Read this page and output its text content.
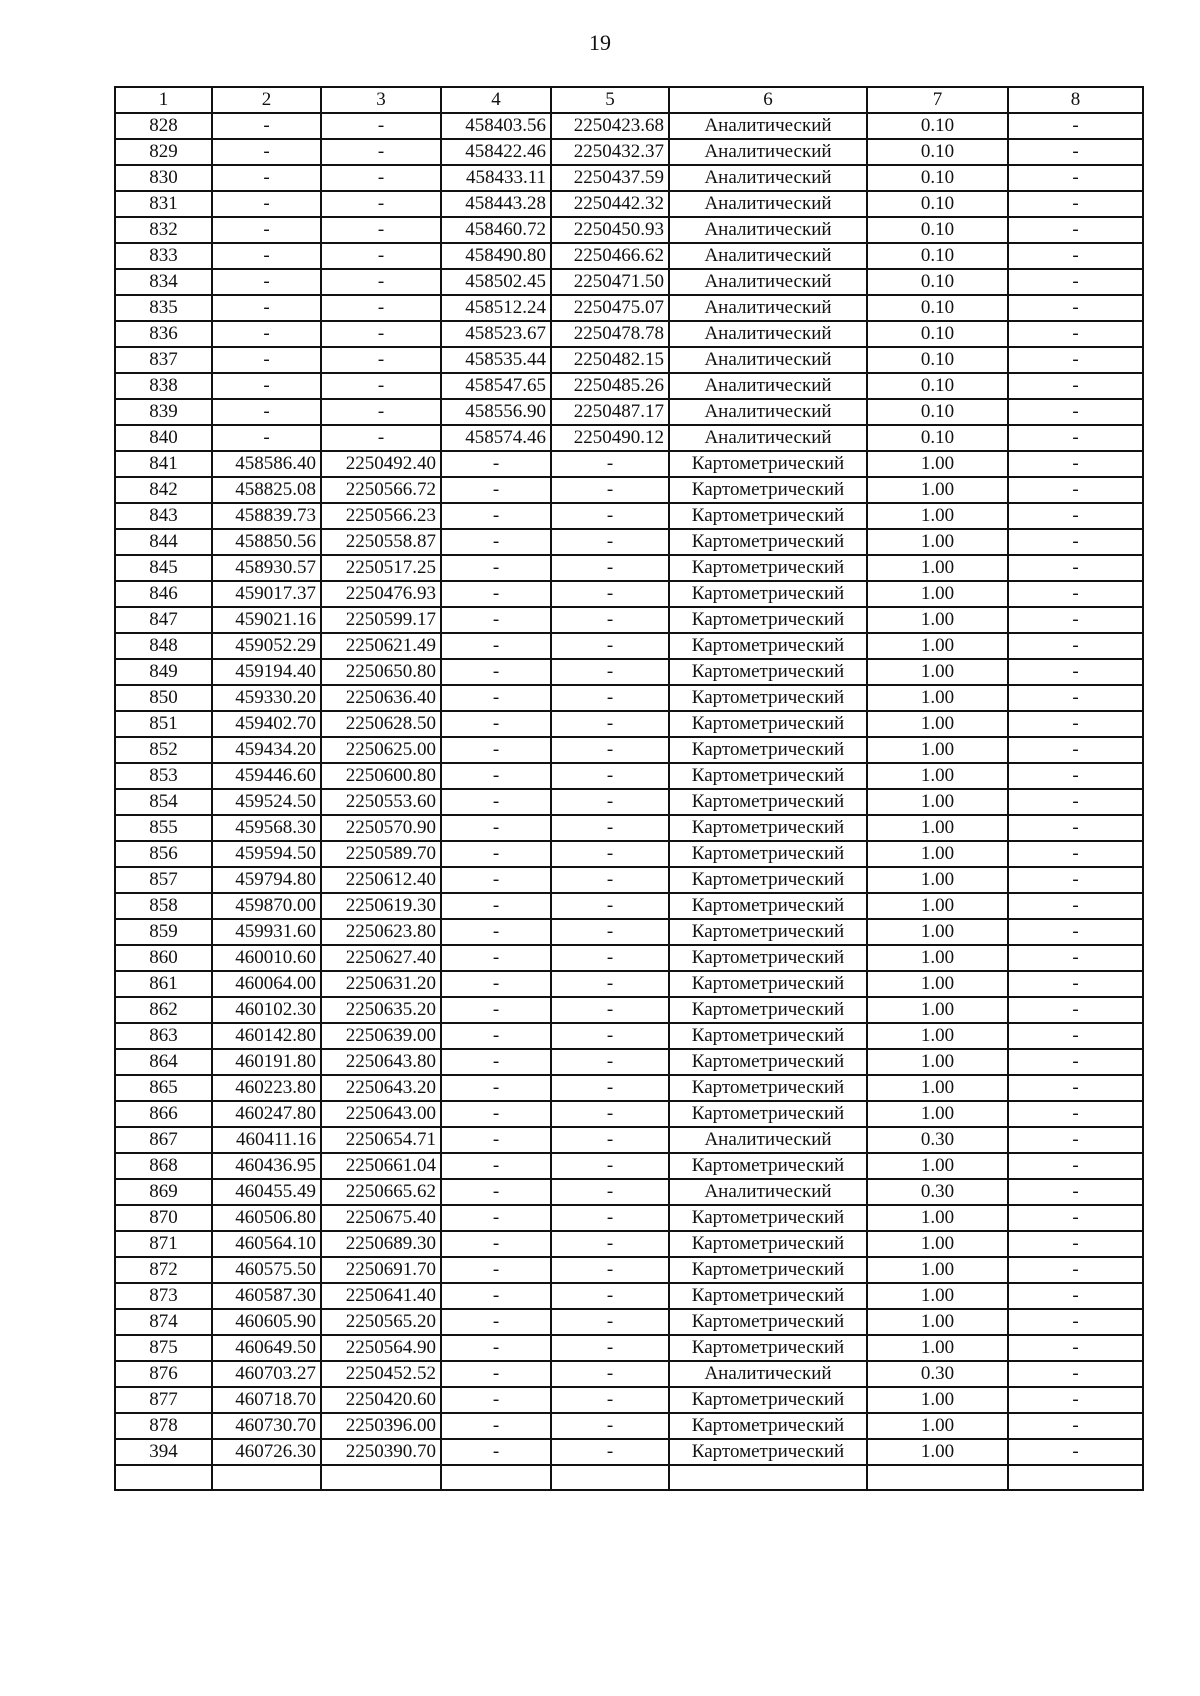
19
1	2	3	4	5	6	7	8
828	-	-	458403.56	2250423.68	Аналитический	0.10	-
829	-	-	458422.46	2250432.37	Аналитический	0.10	-
830	-	-	458433.11	2250437.59	Аналитический	0.10	-
831	-	-	458443.28	2250442.32	Аналитический	0.10	-
832	-	-	458460.72	2250450.93	Аналитический	0.10	-
833	-	-	458490.80	2250466.62	Аналитический	0.10	-
834	-	-	458502.45	2250471.50	Аналитический	0.10	-
835	-	-	458512.24	2250475.07	Аналитический	0.10	-
836	-	-	458523.67	2250478.78	Аналитический	0.10	-
837	-	-	458535.44	2250482.15	Аналитический	0.10	-
838	-	-	458547.65	2250485.26	Аналитический	0.10	-
839	-	-	458556.90	2250487.17	Аналитический	0.10	-
840	-	-	458574.46	2250490.12	Аналитический	0.10	-
841	458586.40	2250492.40	-	-	Картометрический	1.00	-
842	458825.08	2250566.72	-	-	Картометрический	1.00	-
843	458839.73	2250566.23	-	-	Картометрический	1.00	-
844	458850.56	2250558.87	-	-	Картометрический	1.00	-
845	458930.57	2250517.25	-	-	Картометрический	1.00	-
846	459017.37	2250476.93	-	-	Картометрический	1.00	-
847	459021.16	2250599.17	-	-	Картометрический	1.00	-
848	459052.29	2250621.49	-	-	Картометрический	1.00	-
849	459194.40	2250650.80	-	-	Картометрический	1.00	-
850	459330.20	2250636.40	-	-	Картометрический	1.00	-
851	459402.70	2250628.50	-	-	Картометрический	1.00	-
852	459434.20	2250625.00	-	-	Картометрический	1.00	-
853	459446.60	2250600.80	-	-	Картометрический	1.00	-
854	459524.50	2250553.60	-	-	Картометрический	1.00	-
855	459568.30	2250570.90	-	-	Картометрический	1.00	-
856	459594.50	2250589.70	-	-	Картометрический	1.00	-
857	459794.80	2250612.40	-	-	Картометрический	1.00	-
858	459870.00	2250619.30	-	-	Картометрический	1.00	-
859	459931.60	2250623.80	-	-	Картометрический	1.00	-
860	460010.60	2250627.40	-	-	Картометрический	1.00	-
861	460064.00	2250631.20	-	-	Картометрический	1.00	-
862	460102.30	2250635.20	-	-	Картометрический	1.00	-
863	460142.80	2250639.00	-	-	Картометрический	1.00	-
864	460191.80	2250643.80	-	-	Картометрический	1.00	-
865	460223.80	2250643.20	-	-	Картометрический	1.00	-
866	460247.80	2250643.00	-	-	Картометрический	1.00	-
867	460411.16	2250654.71	-	-	Аналитический	0.30	-
868	460436.95	2250661.04	-	-	Картометрический	1.00	-
869	460455.49	2250665.62	-	-	Аналитический	0.30	-
870	460506.80	2250675.40	-	-	Картометрический	1.00	-
871	460564.10	2250689.30	-	-	Картометрический	1.00	-
872	460575.50	2250691.70	-	-	Картометрический	1.00	-
873	460587.30	2250641.40	-	-	Картометрический	1.00	-
874	460605.90	2250565.20	-	-	Картометрический	1.00	-
875	460649.50	2250564.90	-	-	Картометрический	1.00	-
876	460703.27	2250452.52	-	-	Аналитический	0.30	-
877	460718.70	2250420.60	-	-	Картометрический	1.00	-
878	460730.70	2250396.00	-	-	Картометрический	1.00	-
394	460726.30	2250390.70	-	-	Картометрический	1.00	-
